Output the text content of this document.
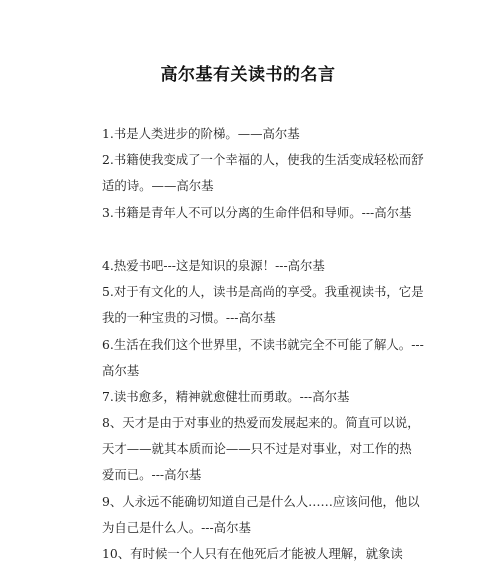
高尔基有关读书的名言
1.书是人类进步的阶梯。——高尔基
2.书籍使我变成了一个幸福的人，使我的生活变成轻松而舒适的诗。——高尔基
3.书籍是青年人不可以分离的生命伴侣和导师。---高尔基
4.热爱书吧---这是知识的泉源！---高尔基
5.对于有文化的人，读书是高尚的享受。我重视读书，它是我的一种宝贵的习惯。---高尔基
6.生活在我们这个世界里，不读书就完全不可能了解人。---高尔基
7.读书愈多，精神就愈健壮而勇敢。---高尔基
8、天才是由于对事业的热爱而发展起来的。简直可以说，天才——就其本质而论——只不过是对事业，对工作的热爱而已。---高尔基
9、人永远不能确切知道自己是什么人……应该问他，他以为自己是什么人。---高尔基
10、有时候一个人只有在他死后才能被人理解，就象读
